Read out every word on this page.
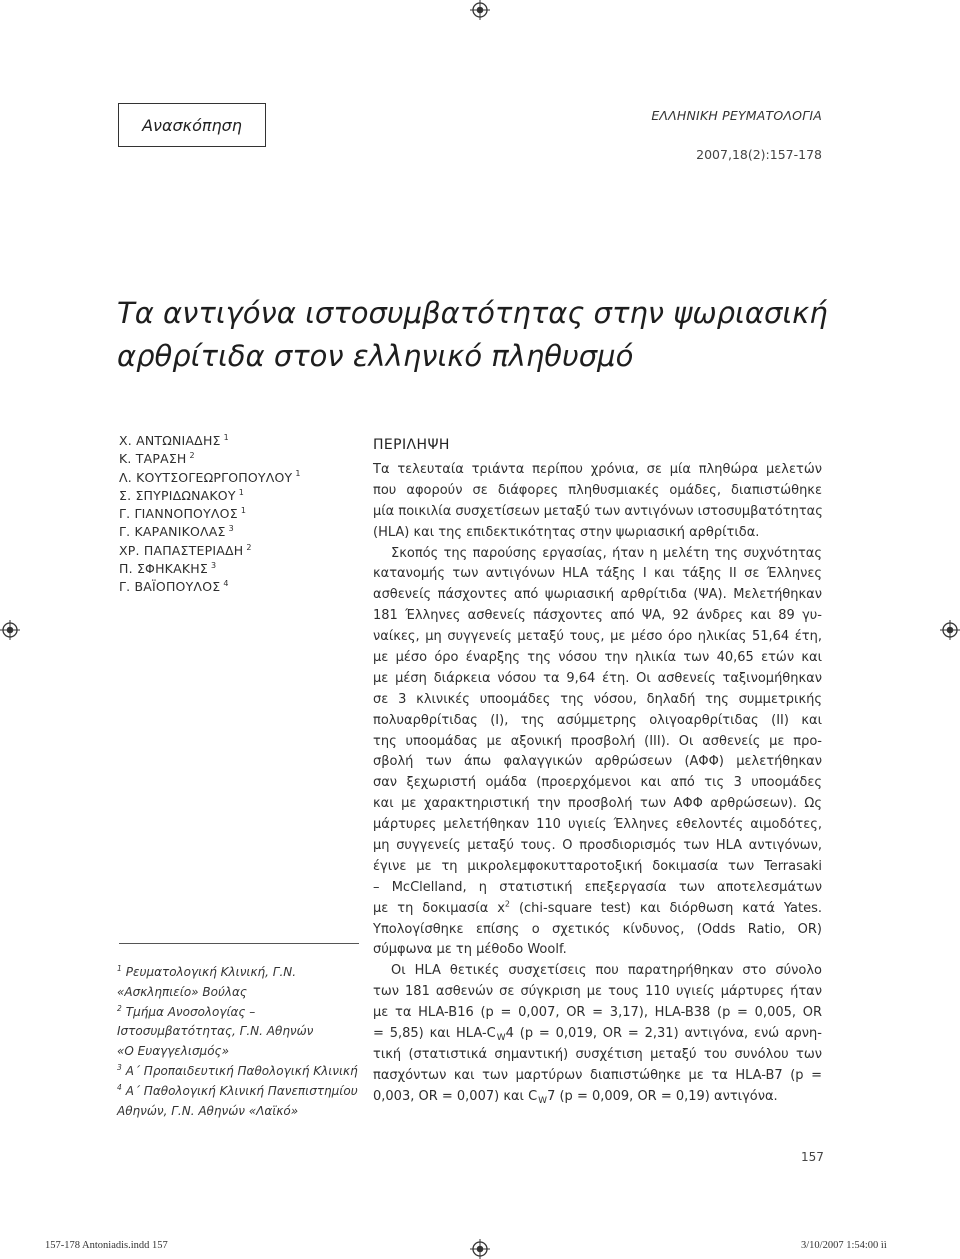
Ανασκόπηση	ΕΛΛΗΝΙΚΗ ΡΕΥΜΑΤΟΛΟΓΙΑ
2007,18(2):157-178
Τα αντιγόνα ιστοσυμβατότητας στην ψωριασική
αρθρίτιδα στον ελληνικό πληθυσμό
Χ. ΑΝΤΩΝΙΑΔΗΣ $^1$
Κ. ΤΑΡΑΣΗ $^2$
Λ. ΚΟΥΤΣΟΓΕΩΡΓΟΠΟΥΛΟΥ $^1$
Σ. ΣΠΥΡΙΔΩΝΑΚΟΥ $^1$
Γ. ΓΙΑΝΝΟΠΟΥΛΟΣ $^1$
Γ. ΚΑΡΑΝΙΚΟΛΑΣ $^3$
ΧΡ. ΠΑΠΑΣΤΕΡΙΑΔΗ $^2$
Π. ΣΦΗΚΑΚΗΣ $^3$
Γ. ΒΑΪΟΠΟΥΛΟΣ $^4$
$^1$ Ρευματολογική Κλινική, Γ.Ν.
«Ασκληπιείο» Βούλας
$^2$ Τμήμα Ανοσολογίας –
Ιστοσυμβατότητας, Γ.Ν. Αθηνών
«Ο Ευαγγελισμός»
$^3$ Α΄ Προπαιδευτική Παθολογική Κλινική
$^4$ Α΄ Παθολογική Κλινική Πανεπιστημίου
Αθηνών, Γ.Ν. Αθηνών «Λαϊκό»
ΠΕΡΙΛΗΨΗ
Τα τελευταία τριάντα περίπου χρόνια, σε μία πληθώρα μελετών
που αφορούν σε διάφορες πληθυσμιακές ομάδες, διαπιστώθηκε
μία ποικιλία συσχετίσεων μεταξύ των αντιγόνων ιστοσυμβατότητας
(HLA) και της επιδεκτικότητας στην ψωριασική αρθρίτιδα.
Σκοπός της παρούσης εργασίας, ήταν η μελέτη της συχνότητας
κατανομής των αντιγόνων HLA τάξης Ι και τάξης ΙΙ σε Έλληνες
ασθενείς πάσχοντες από ψωριασική αρθρίτιδα (ΨΑ). Μελετήθηκαν
181 Έλληνες ασθενείς πάσχοντες από ΨΑ, 92 άνδρες και 89 γυ-
ναίκες, μη συγγενείς μεταξύ τους, με μέσο όρο ηλικίας 51,64 έτη,
με μέσο όρο έναρξης της νόσου την ηλικία των 40,65 ετών και
με μέση διάρκεια νόσου τα 9,64 έτη. Οι ασθενείς ταξινομήθηκαν
σε 3 κλινικές υποομάδες της νόσου, δηλαδή της συμμετρικής
πολυαρθρίτιδας (Ι), της ασύμμετρης ολιγοαρθρίτιδας (ΙΙ) και
της υποομάδας με αξονική προσβολή (ΙΙΙ). Οι ασθενείς με προ-
σβολή των άπω φαλαγγικών αρθρώσεων (ΑΦΦ) μελετήθηκαν
σαν ξεχωριστή ομάδα (προερχόμενοι και από τις 3 υποομάδες
και με χαρακτηριστική την προσβολή των ΑΦΦ αρθρώσεων). Ως
μάρτυρες μελετήθηκαν 110 υγιείς Έλληνες εθελοντές αιμοδότες,
μη συγγενείς μεταξύ τους. Ο προσδιορισμός των HLA αντιγόνων,
έγινε με τη μικρολεμφοκυτταροτοξική δοκιμασία των Terrasaki
– McClelland, η στατιστική επεξεργασία των αποτελεσμάτων
με τη δοκιμασία $x^2$ (chi-square test) και διόρθωση κατά Yates.
Υπολογίσθηκε επίσης ο σχετικός κίνδυνος, (Odds Ratio, OR)
σύμφωνα με τη μέθοδο Woolf.
Οι HLA θετικές συσχετίσεις που παρατηρήθηκαν στο σύνολο
των 181 ασθενών σε σύγκριση με τους 110 υγιείς μάρτυρες ήταν
με τα HLA-B16 (p = 0,007, OR = 3,17), HLA-B38 (p = 0,005, OR
= 5,85) και HLA-$C_W4$ (p = 0,019, OR = 2,31) αντιγόνα, ενώ αρνη-
τική (στατιστικά σημαντική) συσχέτιση μεταξύ του συνόλου των
πασχόντων και των μαρτύρων διαπιστώθηκε με τα HLA-B7 (p =
0,003, OR = 0,007) και $C_W7$ (p = 0,009, OR = 0,19) αντιγόνα.
157
157-178 Antoniadis.indd 157	3/10/2007 1:54:00 ìì
